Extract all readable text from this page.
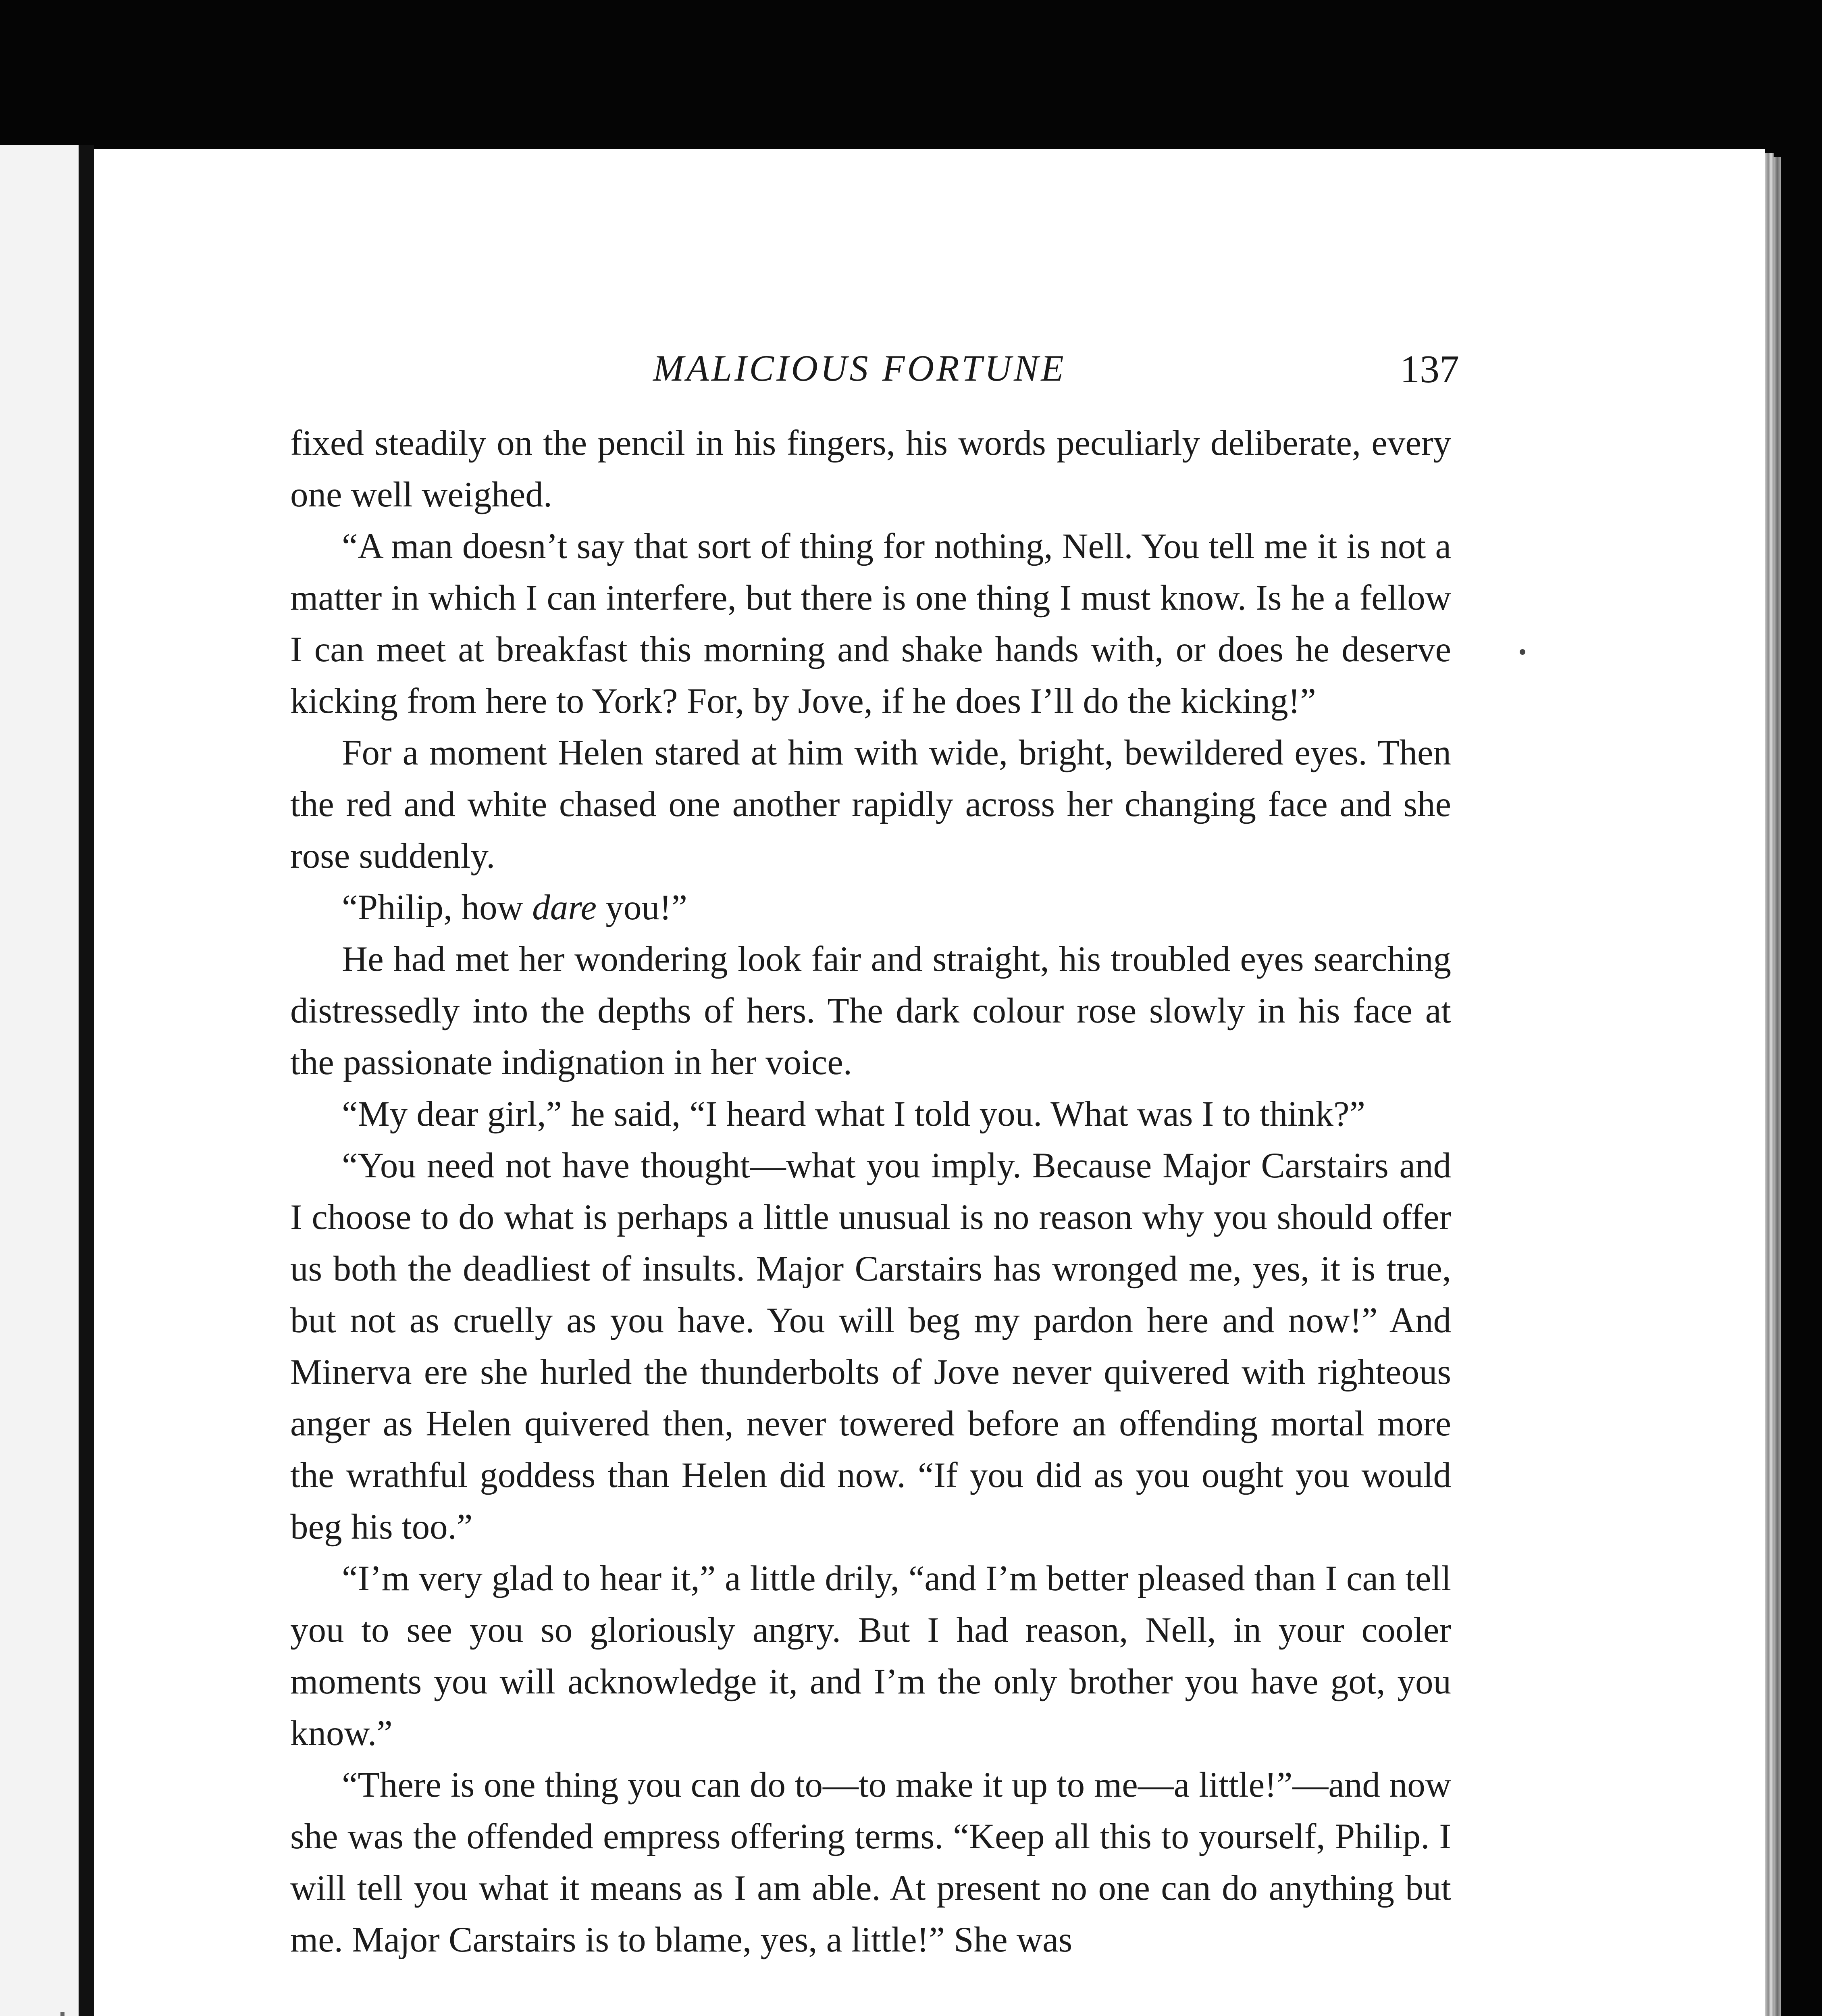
MALICIOUS FORTUNE	137

fixed steadily on the pencil in his fingers, his words peculiarly deliberate, every one well weighed.

“A man doesn’t say that sort of thing for nothing, Nell. You tell me it is not a matter in which I can interfere, but there is one thing I must know. Is he a fellow I can meet at breakfast this morning and shake hands with, or does he deserve kicking from here to York? For, by Jove, if he does I’ll do the kicking!”

For a moment Helen stared at him with wide, bright, bewildered eyes. Then the red and white chased one another rapidly across her changing face and she rose suddenly.

“Philip, how dare you!”

He had met her wondering look fair and straight, his troubled eyes searching distressedly into the depths of hers. The dark colour rose slowly in his face at the passionate indignation in her voice.

“My dear girl,” he said, “I heard what I told you. What was I to think?”

“You need not have thought—what you imply. Because Major Carstairs and I choose to do what is perhaps a little unusual is no reason why you should offer us both the deadliest of insults. Major Carstairs has wronged me, yes, it is true, but not as cruelly as you have. You will beg my pardon here and now!” And Minerva ere she hurled the thunderbolts of Jove never quivered with righteous anger as Helen quivered then, never towered before an offending mortal more the wrathful goddess than Helen did now. “If you did as you ought you would beg his too.”

“I’m very glad to hear it,” a little drily, “and I’m better pleased than I can tell you to see you so gloriously angry. But I had reason, Nell, in your cooler moments you will acknowledge it, and I’m the only brother you have got, you know.”

“There is one thing you can do to—to make it up to me—a little!”—and now she was the offended empress offering terms. “Keep all this to yourself, Philip. I will tell you what it means as I am able. At present no one can do anything but me. Major Carstairs is to blame, yes, a little!” She was
